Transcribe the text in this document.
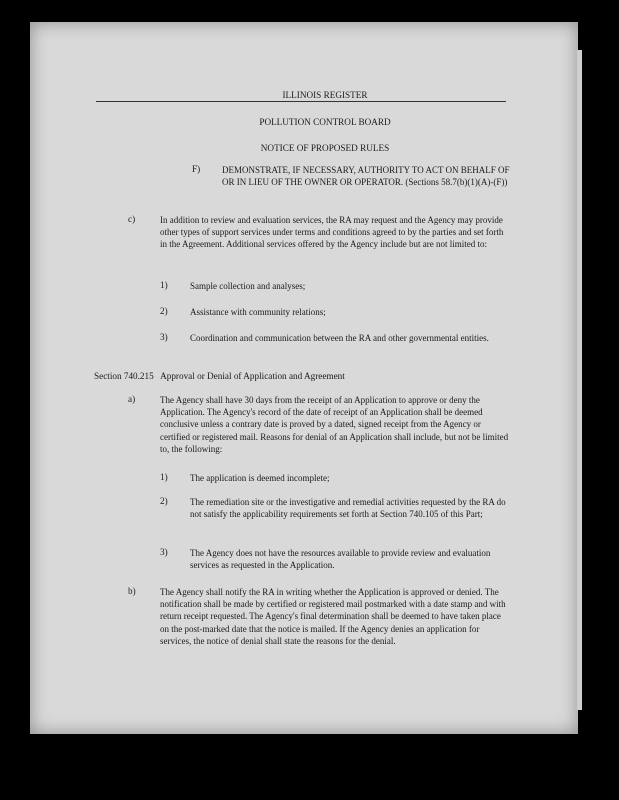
ILLINOIS REGISTER
POLLUTION CONTROL BOARD
NOTICE OF PROPOSED RULES
F) DEMONSTRATE, IF NECESSARY, AUTHORITY TO ACT ON BEHALF OF OR IN LIEU OF THE OWNER OR OPERATOR. (Sections 58.7(b)(1)(A)-(F))
c)	In addition to review and evaluation services, the RA may request and the Agency may provide other types of support services under terms and conditions agreed to by the parties and set forth in the Agreement. Additional services offered by the Agency include but are not limited to:
1) Sample collection and analyses;
2) Assistance with community relations;
3) Coordination and communication between the RA and other governmental entities.
Section 740.215   Approval or Denial of Application and Agreement
a)	The Agency shall have 30 days from the receipt of an Application to approve or deny the Application. The Agency's record of the date of receipt of an Application shall be deemed conclusive unless a contrary date is proved by a dated, signed receipt from the Agency or certified or registered mail. Reasons for denial of an Application shall include, but not be limited to, the following:
1) The application is deemed incomplete;
2) The remediation site or the investigative and remedial activities requested by the RA do not satisfy the applicability requirements set forth at Section 740.105 of this Part;
3) The Agency does not have the resources available to provide review and evaluation services as requested in the Application.
b)	The Agency shall notify the RA in writing whether the Application is approved or denied. The notification shall be made by certified or registered mail postmarked with a date stamp and with return receipt requested. The Agency's final determination shall be deemed to have taken place on the post-marked date that the notice is mailed. If the Agency denies an application for services, the notice of denial shall state the reasons for the denial.
